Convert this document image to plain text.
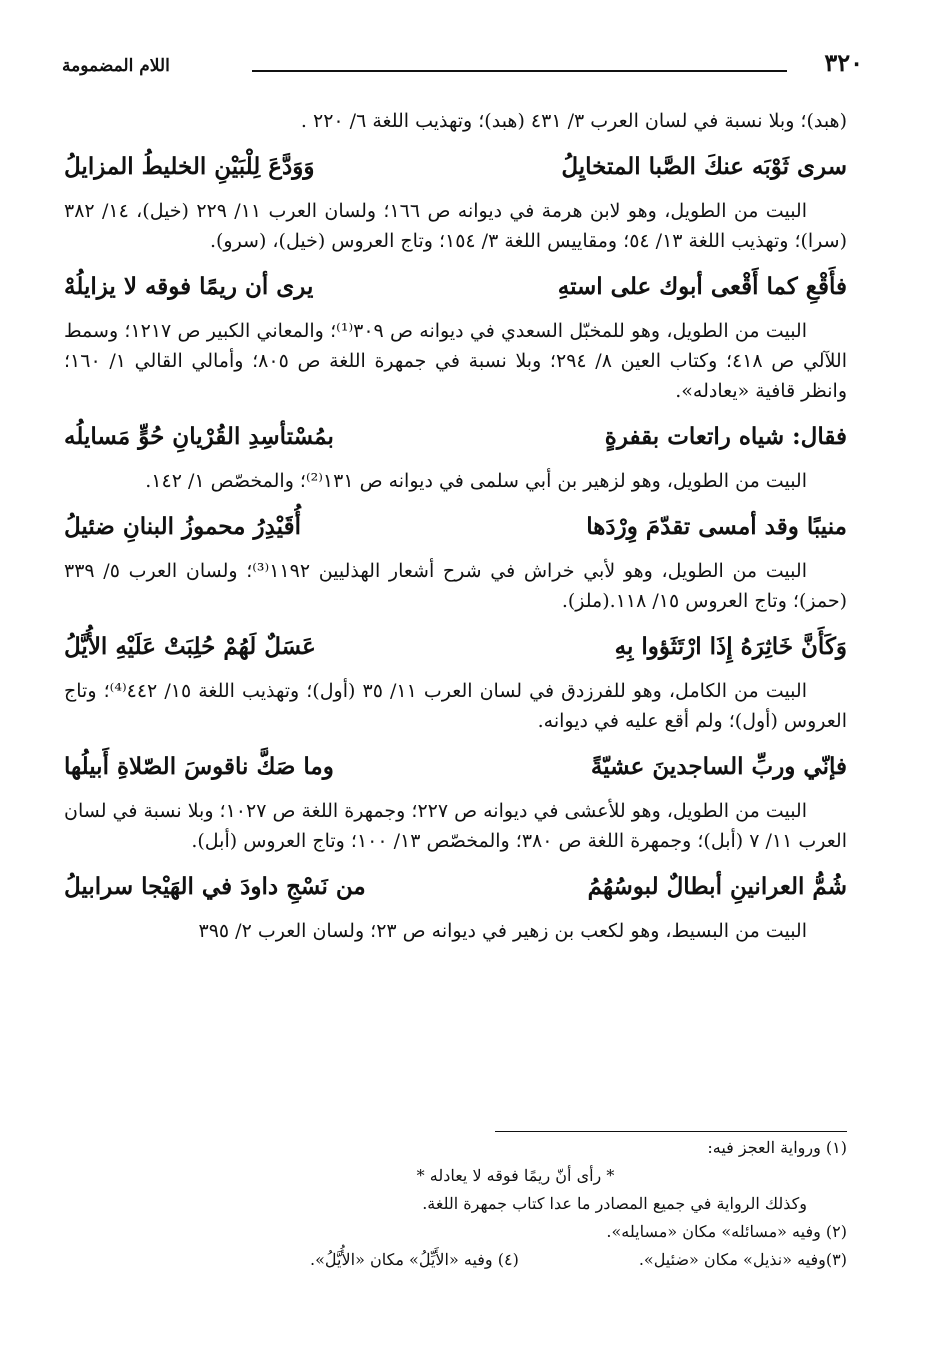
٣٢٠
اللام المضمومة

(هبد)؛ وبلا نسبة في لسان العرب ٣/ ٤٣١ (هبد)؛ وتهذيب اللغة ٦/ ٢٢٠ .

سرى ثَوْبَه عنكَ الصَّبا المتخايِلُ
وَوَدَّعَ لِلْبَيْنِ الخليطُ المزايلُ

البيت من الطويل، وهو لابن هرمة في ديوانه ص ١٦٦؛ ولسان العرب ١١/ ٢٢٩ (خيل)، ١٤/ ٣٨٢ (سرا)؛ وتهذيب اللغة ١٣/ ٥٤؛ ومقاييس اللغة ٣/ ١٥٤؛ وتاج العروس (خيل)، (سرو).

فأَقْعِ كما أَقْعى أبوك على استهِ
يرى أن ريمًا فوقه لا يزايلُهْ

البيت من الطويل، وهو للمخبّل السعدي في ديوانه ص ٣٠٩⁽¹⁾؛ والمعاني الكبير ص ١٢١٧؛ وسمط اللآلي ص ٤١٨؛ وكتاب العين ٨/ ٢٩٤؛ وبلا نسبة في جمهرة اللغة ص ٨٠٥؛ وأمالي القالي ١/ ١٦٠؛ وانظر قافية «يعادله».

فقال: شياه راتعات بقفرةٍ
بمُسْتأسِدِ القُرْيانِ حُوٍّ مَسايلُه

البيت من الطويل، وهو لزهير بن أبي سلمى في ديوانه ص ١٣١⁽²⁾؛ والمخصّص ١/ ١٤٢.

منيبًا وقد أمسى تقدّمَ وِرْدَها
أُقَيْدِرُ محموزُ البنانِ ضئيلُ

البيت من الطويل، وهو لأبي خراش في شرح أشعار الهذليين ١١٩٢⁽³⁾؛ ولسان العرب ٥/ ٣٣٩ (حمز)؛ وتاج العروس ١٥/ ١١٨.(ملز).

وَكَأَنَّ خَاثِرَهُ إِذَا ارْتَثَؤوا بِهِ
عَسَلٌ لَهُمْ حُلِبَتْ عَلَيْهِ الأُيَّلُ

البيت من الكامل، وهو للفرزدق في لسان العرب ١١/ ٣٥ (أول)؛ وتهذيب اللغة ١٥/ ٤٤٢⁽⁴⁾؛ وتاج العروس (أول)؛ ولم أقع عليه في ديوانه.

فإنّي وربِّ الساجدينَ عشيّةً
وما صَكَّ ناقوسَ الصّلاةِ أَبيلُها

البيت من الطويل، وهو للأعشى في ديوانه ص ٢٢٧؛ وجمهرة اللغة ص ١٠٢٧؛ وبلا نسبة في لسان العرب ١١/ ٧ (أبل)؛ وجمهرة اللغة ص ٣٨٠؛ والمخصّص ١٣/ ١٠٠؛ وتاج العروس (أبل).

شُمُّ العرانينِ أبطالٌ لبوسُهُمُ
من نَسْجِ داودَ في الهَيْجا سرابيلُ

البيت من البسيط، وهو لكعب بن زهير في ديوانه ص ٢٣؛ ولسان العرب ٢/ ٣٩٥

(١) ورواية العجز فيه:

* رأى أنّ ريمًا فوقه لا يعادله *

وكذلك الرواية في جميع المصادر ما عدا كتاب جمهرة اللغة.

(٢) وفيه «مسائله» مكان «مسايله».

(٣)وفيه «نذيل» مكان «ضئيل».
(٤) وفيه «الأَيِّلُ» مكان «الأُيَّلُ».
